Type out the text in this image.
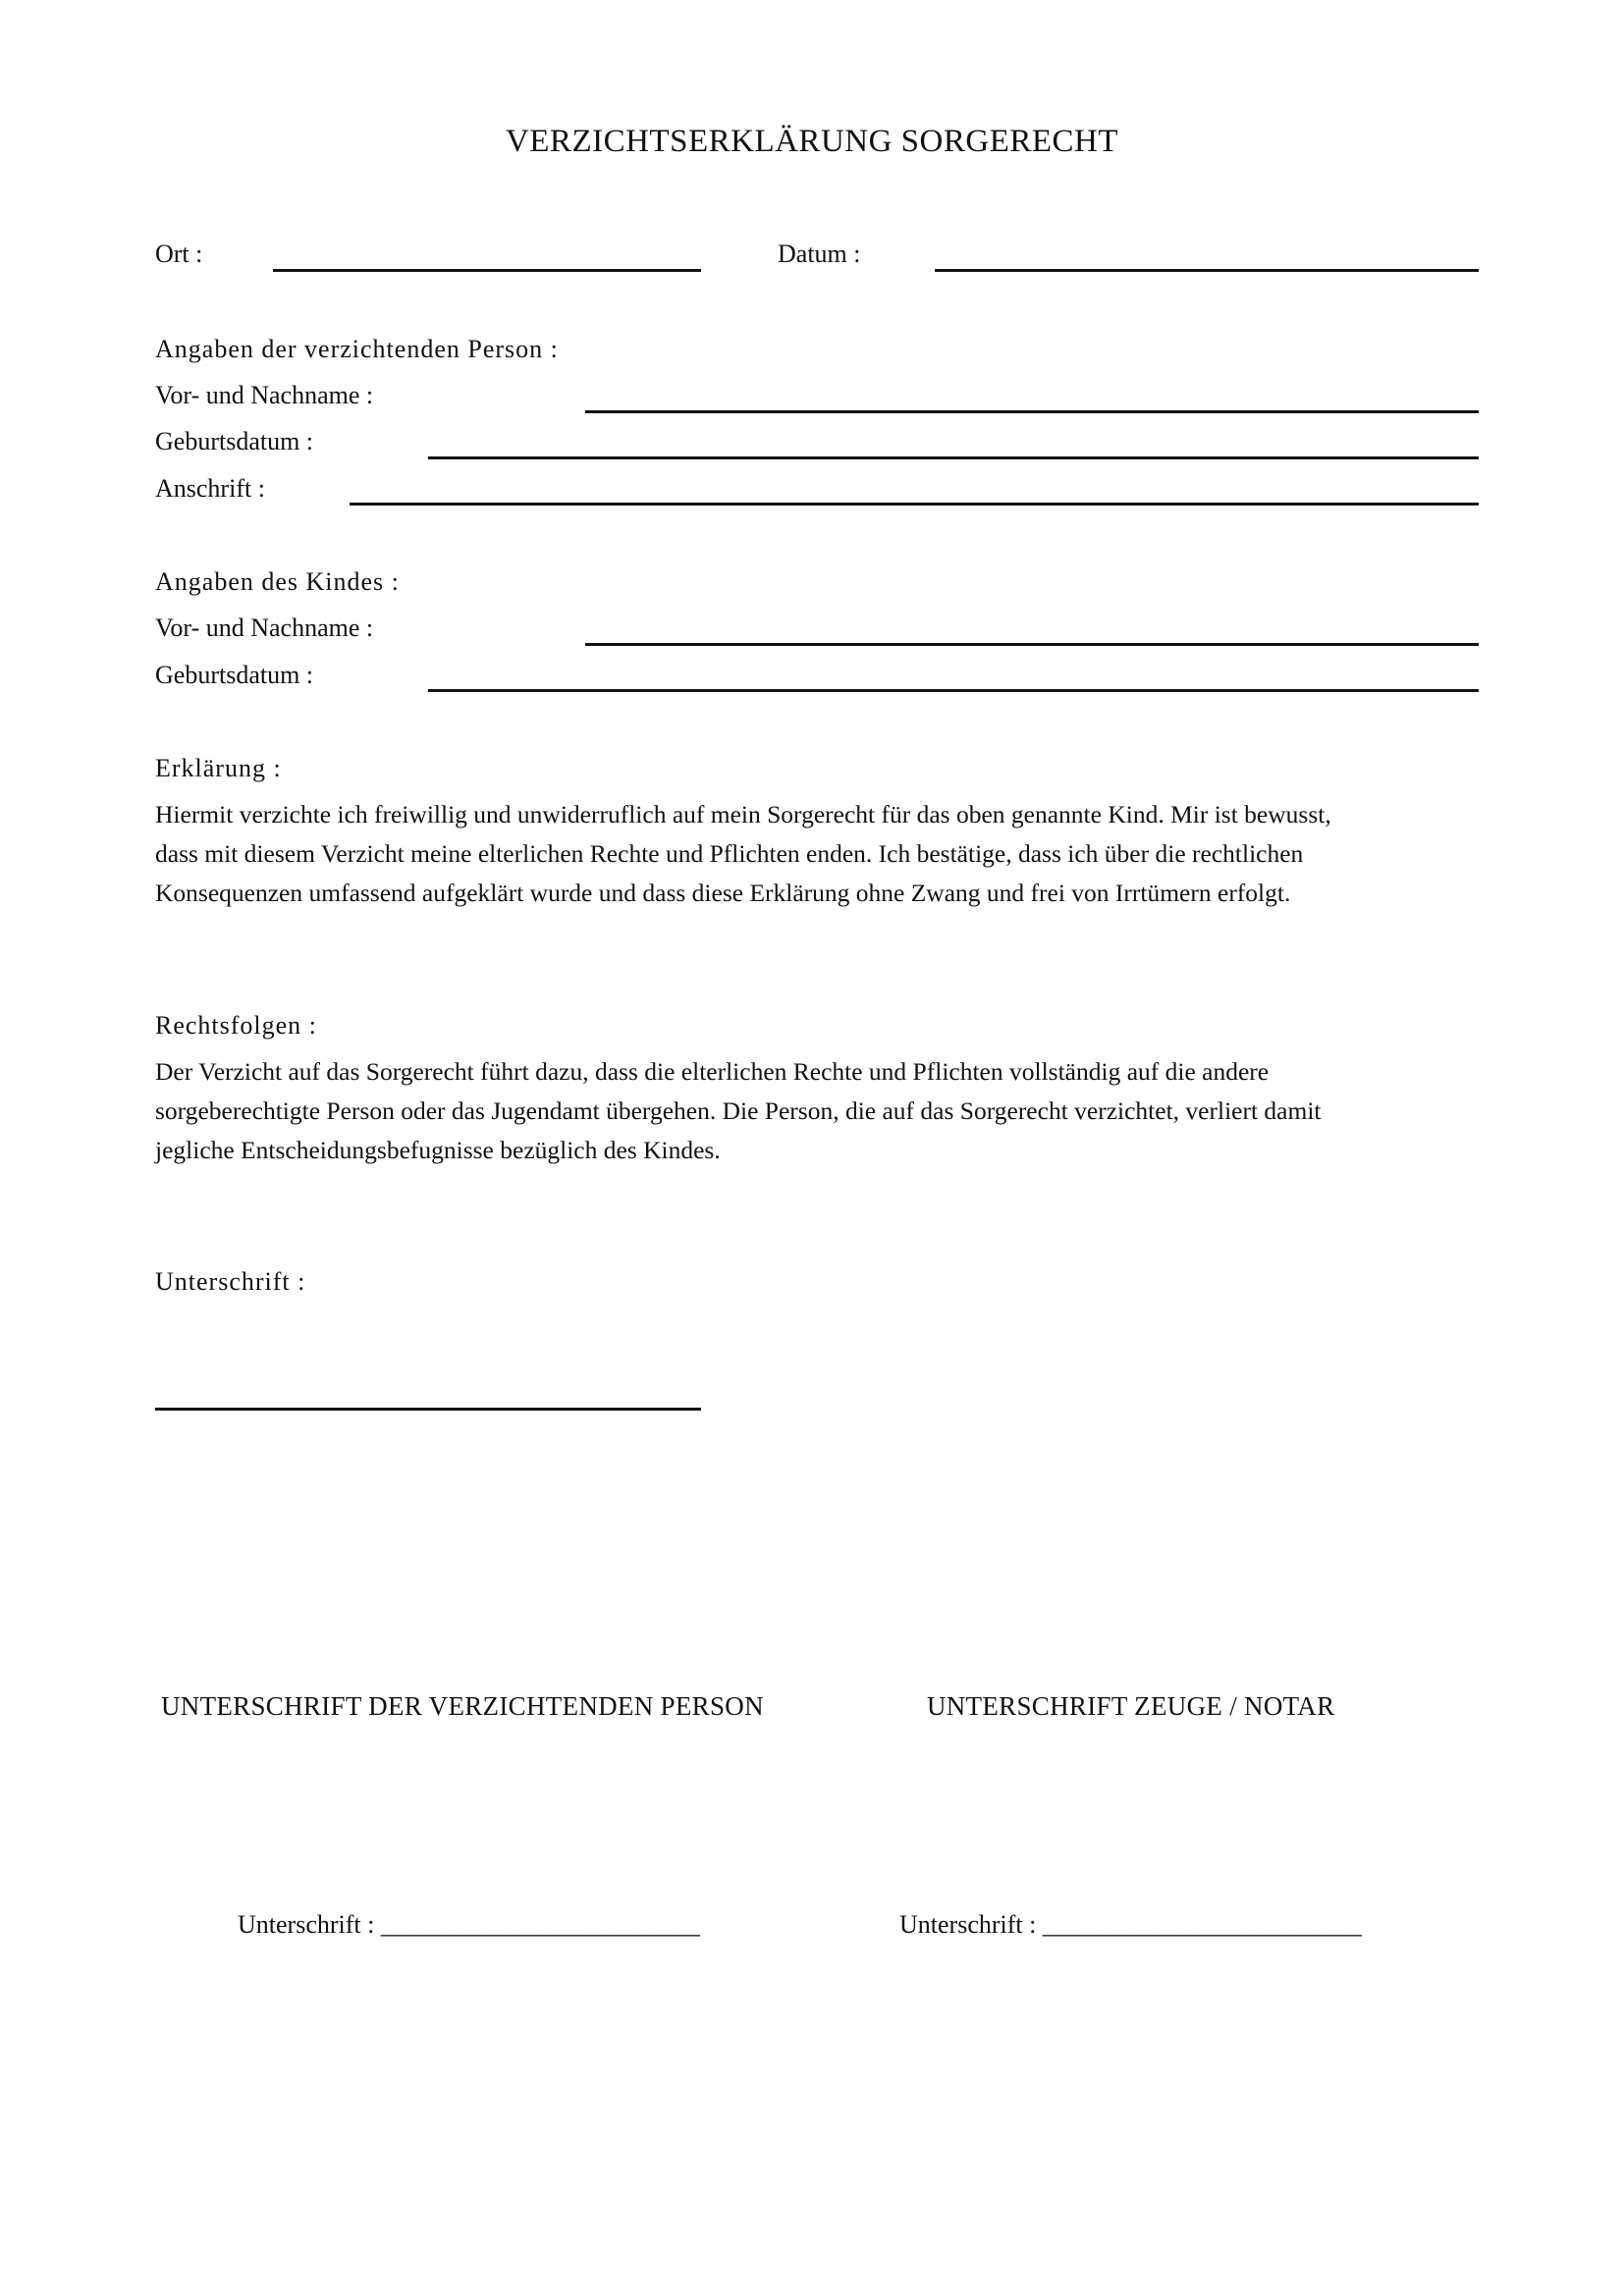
VERZICHTSERKLÄRUNG SORGERECHT
Ort :	Datum :
Angaben der verzichtenden Person :
Vor- und Nachname :
Geburtsdatum :
Anschrift :
Angaben des Kindes :
Vor- und Nachname :
Geburtsdatum :
Erklärung :
Hiermit verzichte ich freiwillig und unwiderruflich auf mein Sorgerecht für das oben genannte Kind. Mir ist bewusst,
dass mit diesem Verzicht meine elterlichen Rechte und Pflichten enden. Ich bestätige, dass ich über die rechtlichen
Konsequenzen umfassend aufgeklärt wurde und dass diese Erklärung ohne Zwang und frei von Irrtümern erfolgt.
Rechtsfolgen :
Der Verzicht auf das Sorgerecht führt dazu, dass die elterlichen Rechte und Pflichten vollständig auf die andere
sorgeberechtigte Person oder das Jugendamt übergehen. Die Person, die auf das Sorgerecht verzichtet, verliert damit
jegliche Entscheidungsbefugnisse bezüglich des Kindes.
Unterschrift :
UNTERSCHRIFT DER VERZICHTENDEN PERSON	UNTERSCHRIFT ZEUGE / NOTAR
Unterschrift : _________________________	Unterschrift : _________________________
